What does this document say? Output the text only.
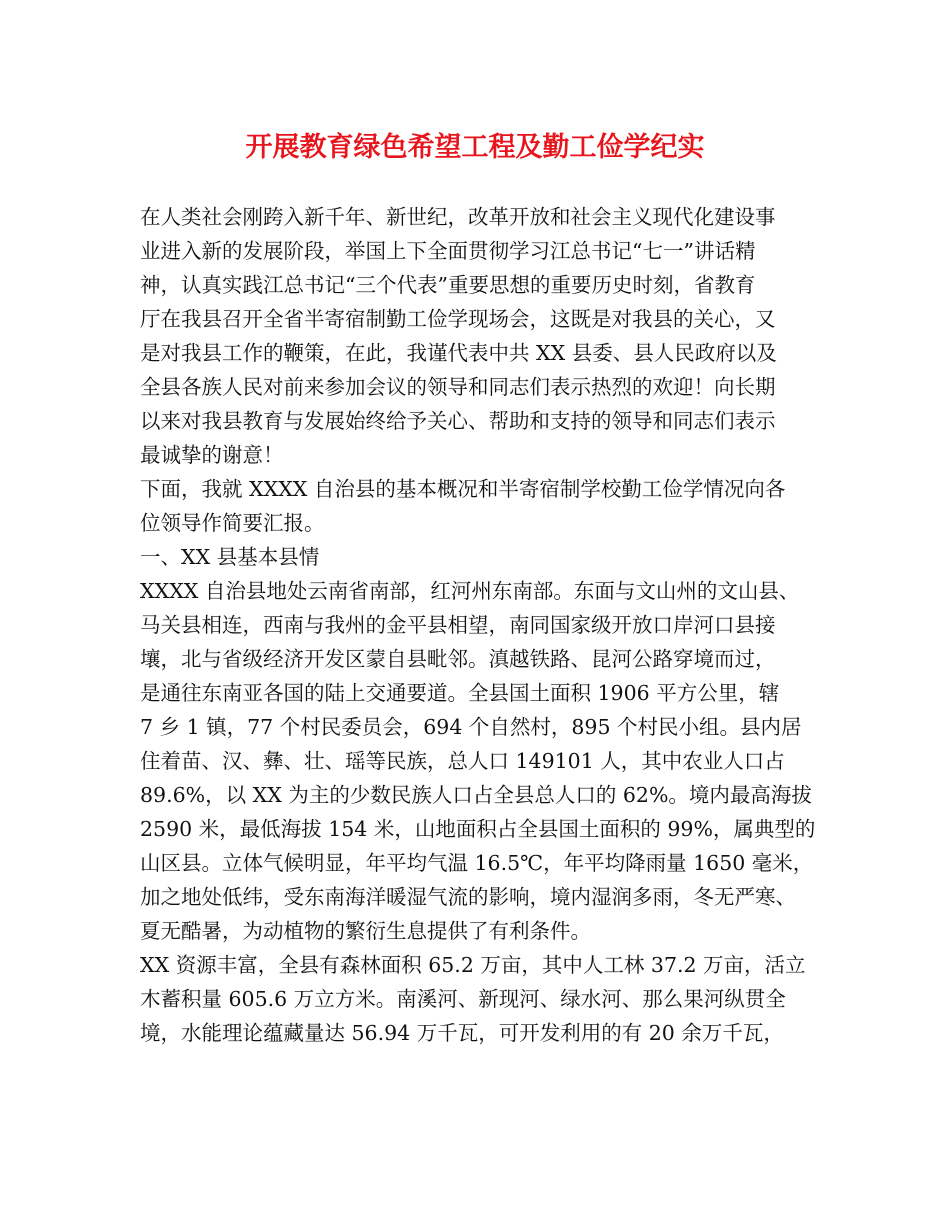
开展教育绿色希望工程及勤工俭学纪实
在人类社会刚跨入新千年、新世纪，改革开放和社会主义现代化建设事
业进入新的发展阶段，举国上下全面贯彻学习江总书记“七一”讲话精
神，认真实践江总书记“三个代表”重要思想的重要历史时刻，省教育
厅在我县召开全省半寄宿制勤工俭学现场会，这既是对我县的关心，又
是对我县工作的鞭策，在此，我谨代表中共 XX 县委、县人民政府以及
全县各族人民对前来参加会议的领导和同志们表示热烈的欢迎！向长期
以来对我县教育与发展始终给予关心、帮助和支持的领导和同志们表示
最诚挚的谢意！
下面，我就 XXXX 自治县的基本概况和半寄宿制学校勤工俭学情况向各
位领导作简要汇报。
一、XX 县基本县情
XXXX 自治县地处云南省南部，红河州东南部。东面与文山州的文山县、
马关县相连，西南与我州的金平县相望，南同国家级开放口岸河口县接
壤，北与省级经济开发区蒙自县毗邻。滇越铁路、昆河公路穿境而过，
是通往东南亚各国的陆上交通要道。全县国土面积 1906 平方公里，辖
7 乡 1 镇，77 个村民委员会，694 个自然村，895 个村民小组。县内居
住着苗、汉、彝、壮、瑶等民族，总人口 149101 人，其中农业人口占
89.6%，以 XX 为主的少数民族人口占全县总人口的 62%。境内最高海拔
2590 米，最低海拔 154 米，山地面积占全县国土面积的 99%，属典型的
山区县。立体气候明显，年平均气温 16.5℃，年平均降雨量 1650 毫米，
加之地处低纬，受东南海洋暖湿气流的影响，境内湿润多雨，冬无严寒、
夏无酷暑，为动植物的繁衍生息提供了有利条件。
XX 资源丰富，全县有森林面积 65.2 万亩，其中人工林 37.2 万亩，活立
木蓄积量 605.6 万立方米。南溪河、新现河、绿水河、那么果河纵贯全
境，水能理论蕴藏量达 56.94 万千瓦，可开发利用的有 20 余万千瓦，
